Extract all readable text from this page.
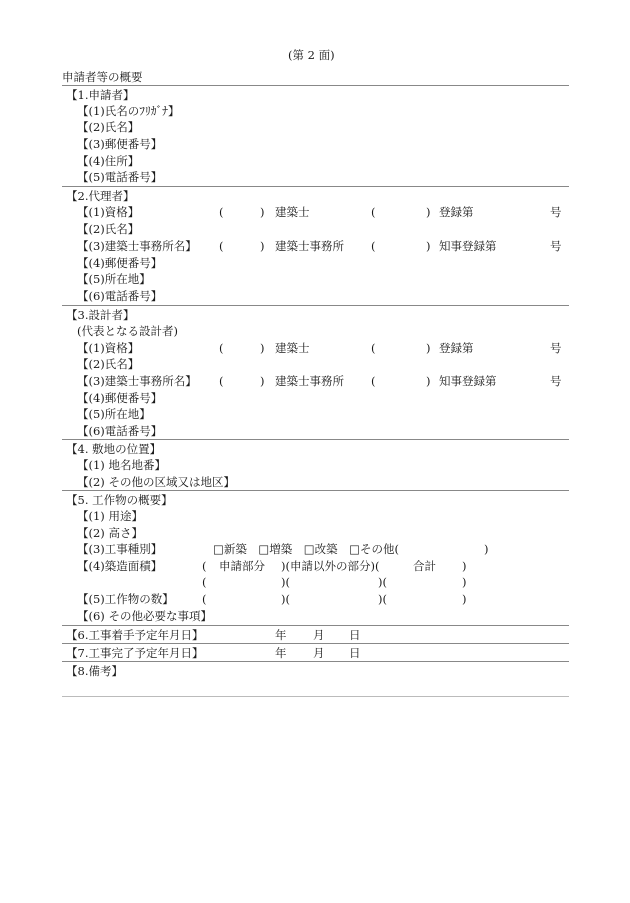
(第 2 面)
申請者等の概要
【1.申請者】
【(1)氏名のﾌﾘｶﾞﾅ】
【(2)氏名】
【(3)郵便番号】
【(4)住所】
【(5)電話番号】
【2.代理者】
【(1)資格】	(	) 建築士	(	) 登録第	号
【(2)氏名】
【(3)建築士事務所名】 (	) 建築士事務所 (	) 知事登録第	号
【(4)郵便番号】
【(5)所在地】
【(6)電話番号】
【3.設計者】
(代表となる設計者)
【(1)資格】	(	) 建築士	(	) 登録第	号
【(2)氏名】
【(3)建築士事務所名】 (	) 建築士事務所 (	) 知事登録第	号
【(4)郵便番号】
【(5)所在地】
【(6)電話番号】
【4. 敷地の位置】
【(1) 地名地番】
【(2) その他の区域又は地区】
【5. 工作物の概要】
【(1) 用途】
【(2) 高さ】
【(3)工事種別】	□新築　□増築　□改築　□その他(	)
【(4)築造面積】	( 申請部分 )(申請以外の部分)(	合計 )
(	)(	)(	)
【(5)工作物の数】 (	)(	)(	)
【(6) その他必要な事項】
【6.工事着手予定年月日】	年 月 日
【7.工事完了予定年月日】	年 月 日
【8.備考】
